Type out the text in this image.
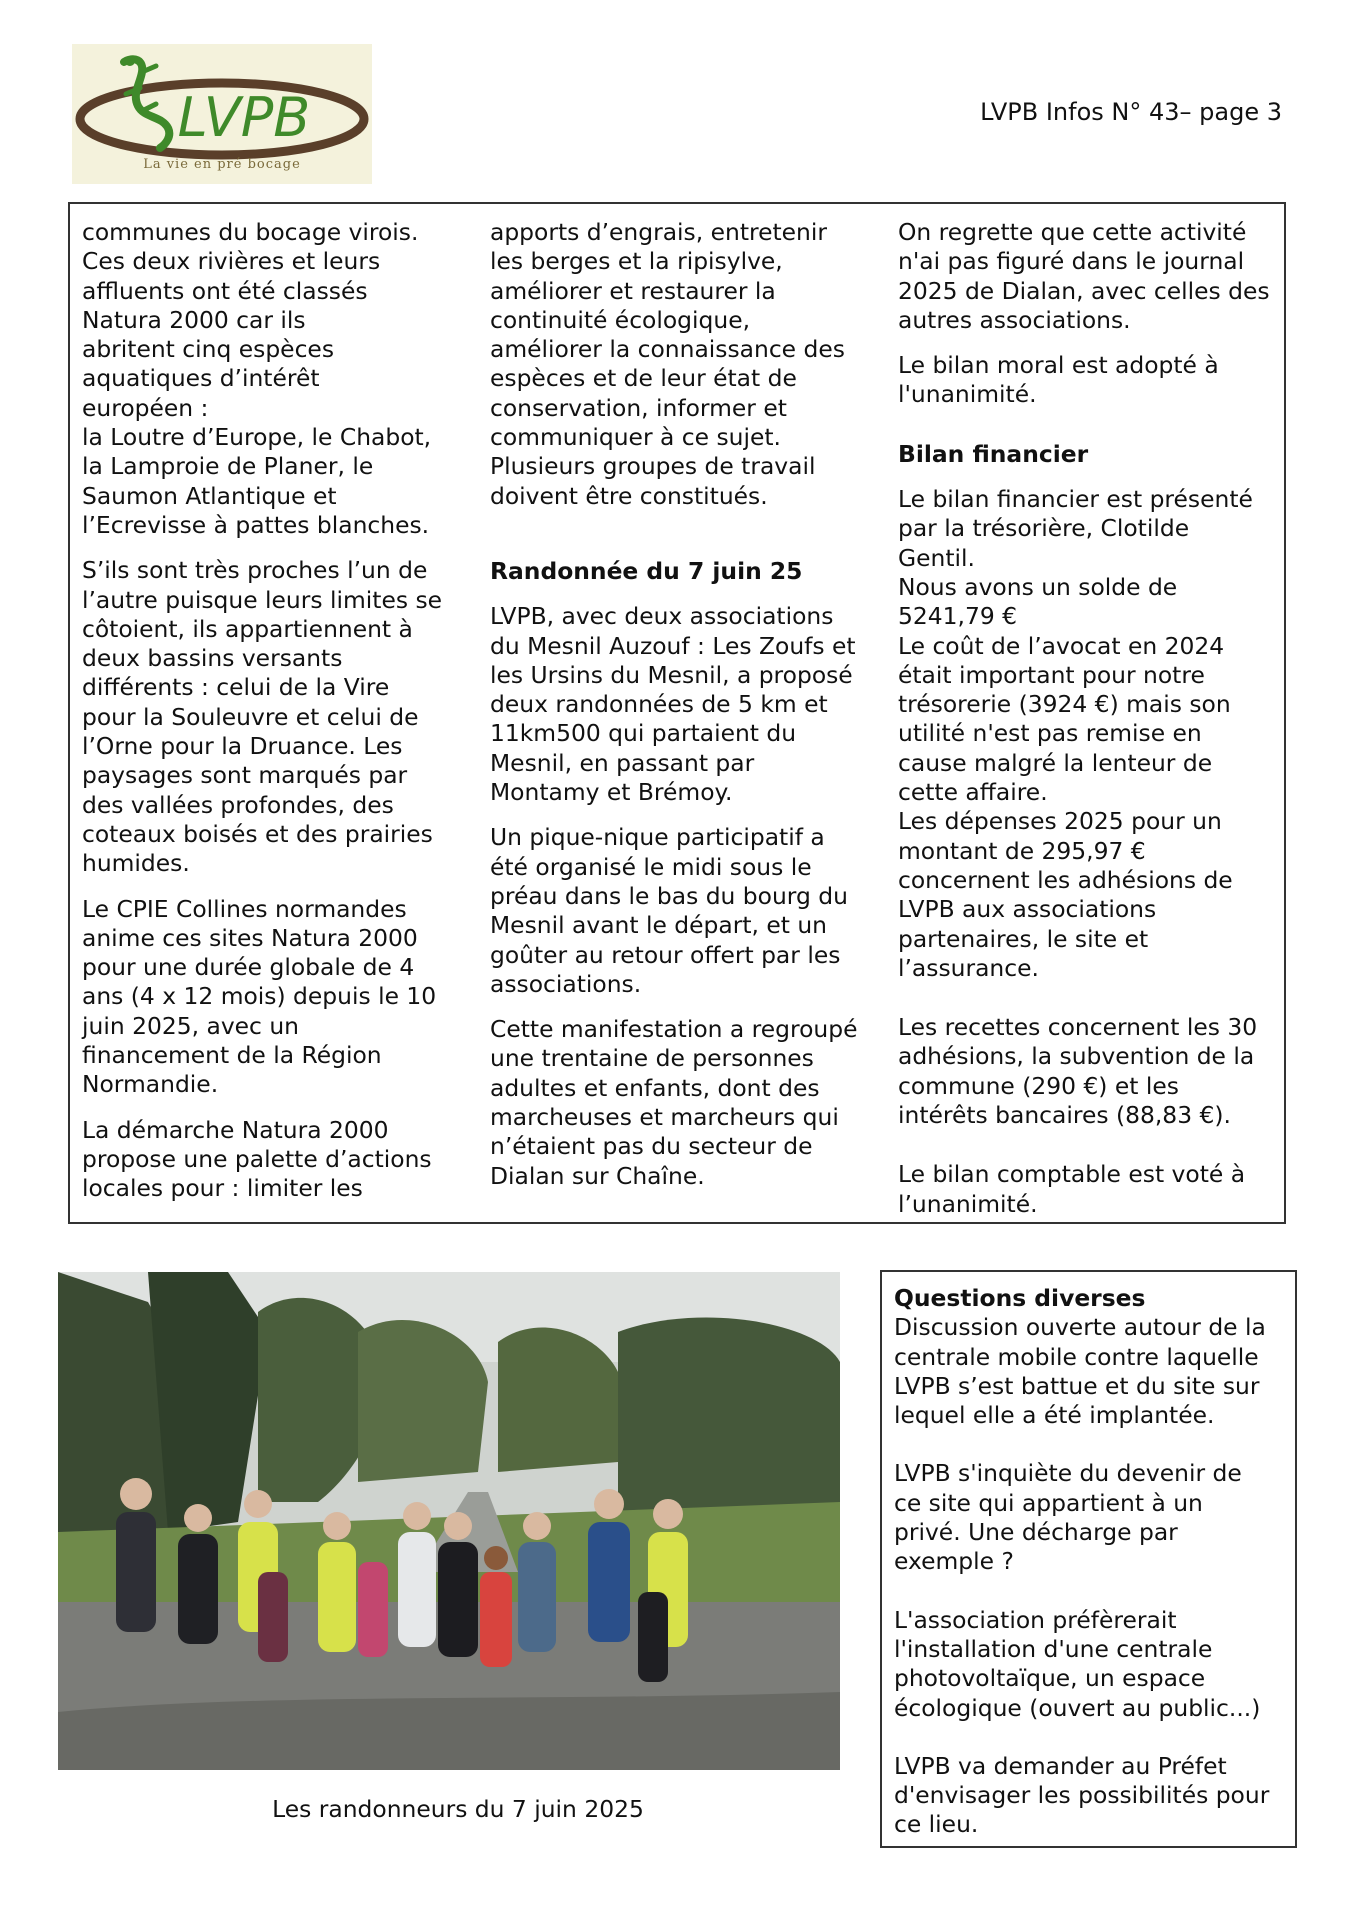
LVPB
La vie en pré bocage
LVPB Infos N° 43– page 3

communes du bocage virois.
Ces deux rivières et leurs
affluents ont été classés
Natura 2000 car ils
abritent cinq espèces
aquatiques d’intérêt
européen :
la Loutre d’Europe, le Chabot,
la Lamproie de Planer, le
Saumon Atlantique et
l’Ecrevisse à pattes blanches.

S’ils sont très proches l’un de
l’autre puisque leurs limites se
côtoient, ils appartiennent à
deux bassins versants
différents : celui de la Vire
pour la Souleuvre et celui de
l’Orne pour la Druance. Les
paysages sont marqués par
des vallées profondes, des
coteaux boisés et des prairies
humides.

Le CPIE Collines normandes
anime ces sites Natura 2000
pour une durée globale de 4
ans (4 x 12 mois) depuis le 10
juin 2025, avec un
financement de la Région
Normandie.

La démarche Natura 2000
propose une palette d’actions
locales pour : limiter les

apports d’engrais, entretenir
les berges et la ripisylve,
améliorer et restaurer la
continuité écologique,
améliorer la connaissance des
espèces et de leur état de
conservation, informer et
communiquer à ce sujet.
Plusieurs groupes de travail
doivent être constitués.

Randonnée du 7 juin 25

LVPB, avec deux associations
du Mesnil Auzouf : Les Zoufs et
les Ursins du Mesnil, a proposé
deux randonnées de 5 km et
11km500 qui partaient du
Mesnil, en passant par
Montamy et Brémoy.

Un pique-nique participatif a
été organisé le midi sous le
préau dans le bas du bourg du
Mesnil avant le départ, et un
goûter au retour offert par les
associations.

Cette manifestation a regroupé
une trentaine de personnes
adultes et enfants, dont des
marcheuses et marcheurs qui
n’étaient pas du secteur de
Dialan sur Chaîne.

On regrette que cette activité
n'ai pas figuré dans le journal
2025 de Dialan, avec celles des
autres associations.

Le bilan moral est adopté à
l'unanimité.

Bilan financier

Le bilan financier est présenté
par la trésorière, Clotilde
Gentil.
Nous avons un solde de
5241,79 €
Le coût de l’avocat en 2024
était important pour notre
trésorerie (3924 €) mais son
utilité n'est pas remise en
cause malgré la lenteur de
cette affaire.
Les dépenses 2025 pour un
montant de 295,97 €
concernent les adhésions de
LVPB aux associations
partenaires, le site et
l’assurance.

Les recettes concernent les 30
adhésions, la subvention de la
commune (290 €) et les
intérêts bancaires (88,83 €).

Le bilan comptable est voté à
l’unanimité.

Les randonneurs du 7 juin 2025
Questions diverses

Discussion ouverte autour de la
centrale mobile contre laquelle
LVPB s’est battue et du site sur
lequel elle a été implantée.

LVPB s'inquiète du devenir de
ce site qui appartient à un
privé. Une décharge par
exemple ?

L'association préfèrerait
l'installation d'une centrale
photovoltaïque, un espace
écologique (ouvert au public...)

LVPB va demander au Préfet
d'envisager les possibilités pour
ce lieu.
